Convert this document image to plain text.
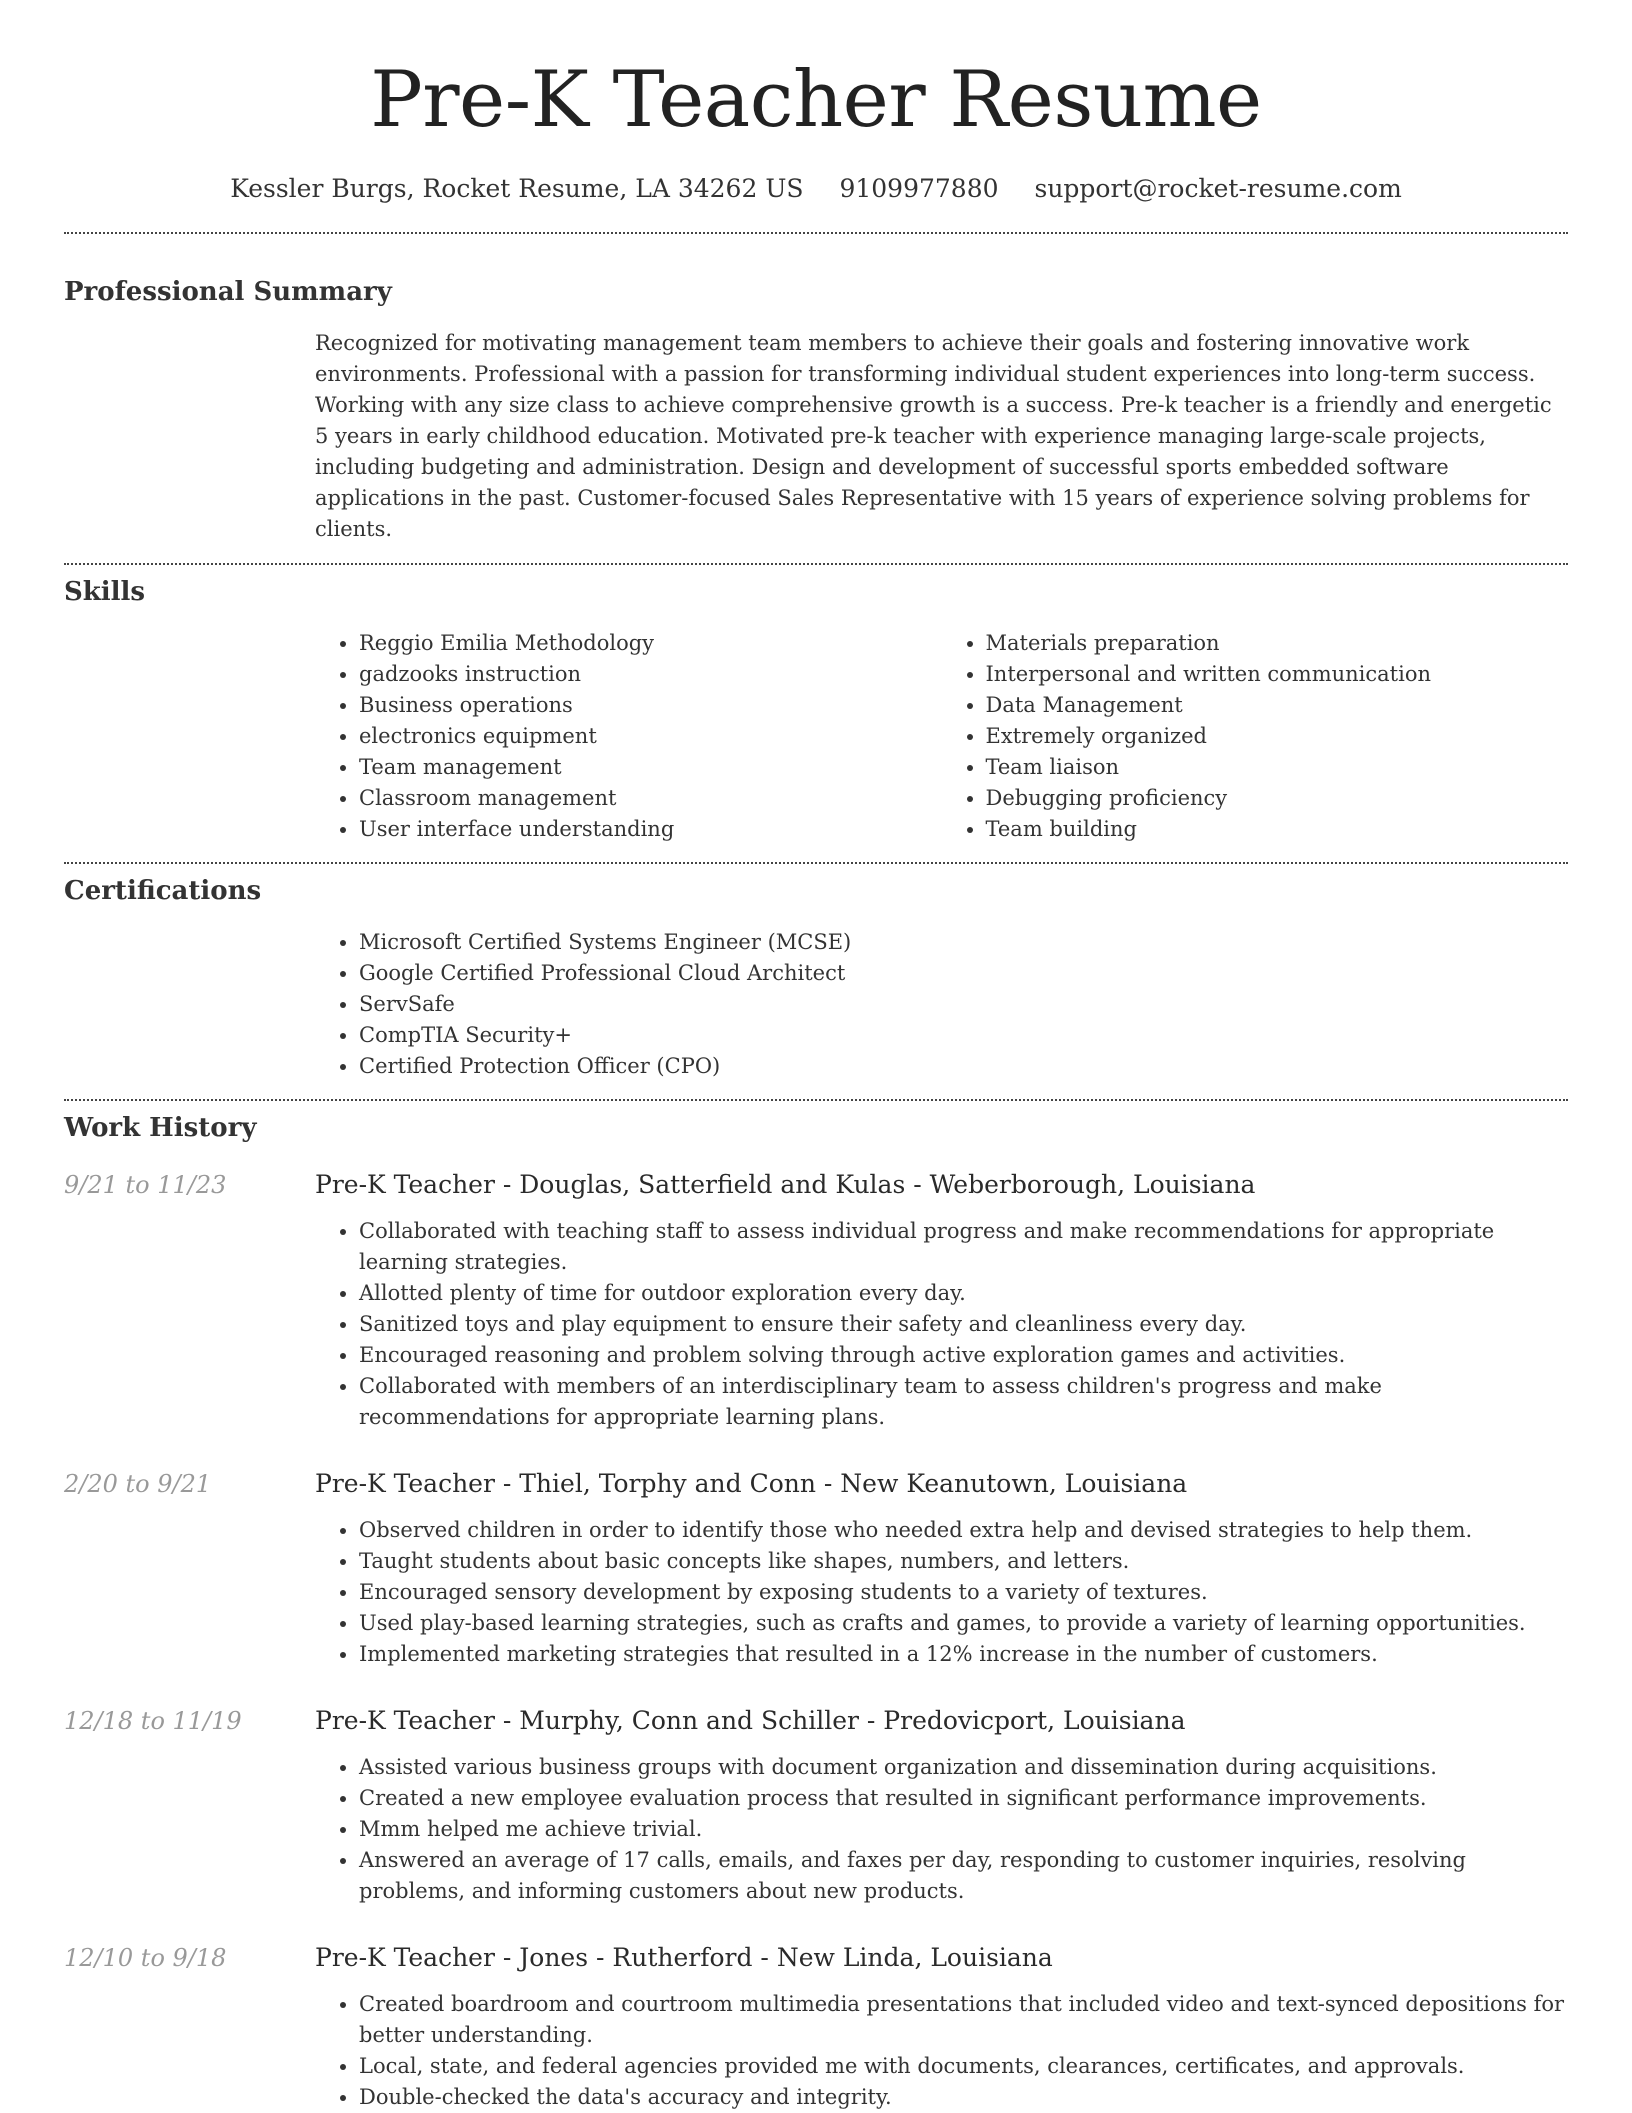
Pre-K Teacher Resume
Kessler Burgs, Rocket Resume, LA 34262 US 9109977880 support@rocket-resume.com
Professional Summary
Recognized for motivating management team members to achieve their goals and fostering innovative work environments. Professional with a passion for transforming individual student experiences into long-term success. Working with any size class to achieve comprehensive growth is a success. Pre-k teacher is a friendly and energetic 5 years in early childhood education. Motivated pre-k teacher with experience managing large-scale projects, including budgeting and administration. Design and development of successful sports embedded software applications in the past. Customer-focused Sales Representative with 15 years of experience solving problems for clients.
Skills
• Reggio Emilia Methodology
• gadzooks instruction
• Business operations
• electronics equipment
• Team management
• Classroom management
• User interface understanding
• Materials preparation
• Interpersonal and written communication
• Data Management
• Extremely organized
• Team liaison
• Debugging proficiency
• Team building
Certifications
• Microsoft Certified Systems Engineer (MCSE)
• Google Certified Professional Cloud Architect
• ServSafe
• CompTIA Security+
• Certified Protection Officer (CPO)
Work History
9/21 to 11/23	Pre-K Teacher - Douglas, Satterfield and Kulas - Weberborough, Louisiana
• Collaborated with teaching staff to assess individual progress and make recommendations for appropriate learning strategies.
• Allotted plenty of time for outdoor exploration every day.
• Sanitized toys and play equipment to ensure their safety and cleanliness every day.
• Encouraged reasoning and problem solving through active exploration games and activities.
• Collaborated with members of an interdisciplinary team to assess children's progress and make recommendations for appropriate learning plans.
2/20 to 9/21	Pre-K Teacher - Thiel, Torphy and Conn - New Keanutown, Louisiana
• Observed children in order to identify those who needed extra help and devised strategies to help them.
• Taught students about basic concepts like shapes, numbers, and letters.
• Encouraged sensory development by exposing students to a variety of textures.
• Used play-based learning strategies, such as crafts and games, to provide a variety of learning opportunities.
• Implemented marketing strategies that resulted in a 12% increase in the number of customers.
12/18 to 11/19	Pre-K Teacher - Murphy, Conn and Schiller - Predovicport, Louisiana
• Assisted various business groups with document organization and dissemination during acquisitions.
• Created a new employee evaluation process that resulted in significant performance improvements.
• Mmm helped me achieve trivial.
• Answered an average of 17 calls, emails, and faxes per day, responding to customer inquiries, resolving problems, and informing customers about new products.
12/10 to 9/18	Pre-K Teacher - Jones - Rutherford - New Linda, Louisiana
• Created boardroom and courtroom multimedia presentations that included video and text-synced depositions for better understanding.
• Local, state, and federal agencies provided me with documents, clearances, certificates, and approvals.
• Double-checked the data's accuracy and integrity.
